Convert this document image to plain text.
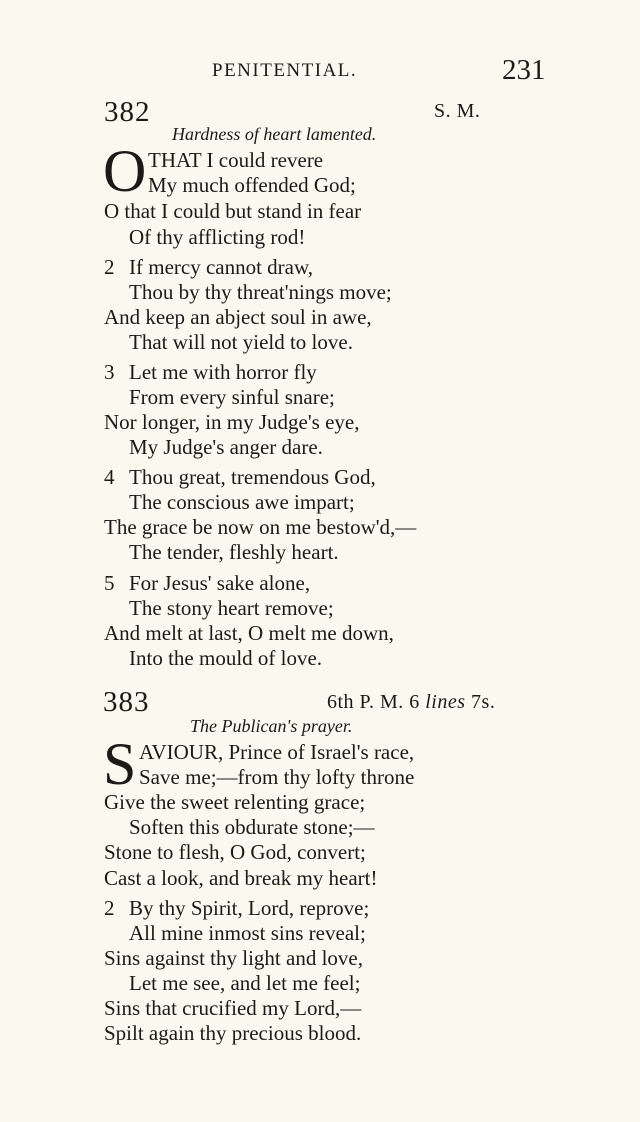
PENITENTIAL.	231
382	S. M.
Hardness of heart lamented.
O THAT I could revere
My much offended God;
O that I could but stand in fear
Of thy afflicting rod!
2 If mercy cannot draw,
Thou by thy threat'nings move;
And keep an abject soul in awe,
That will not yield to love.
3 Let me with horror fly
From every sinful snare;
Nor longer, in my Judge's eye,
My Judge's anger dare.
4 Thou great, tremendous God,
The conscious awe impart;
The grace be now on me bestow'd,—
The tender, fleshly heart.
5 For Jesus' sake alone,
The stony heart remove;
And melt at last, O melt me down,
Into the mould of love.
383	6th P. M. 6 lines 7s.
The Publican's prayer.
S AVIOUR, Prince of Israel's race,
Save me;—from thy lofty throne
Give the sweet relenting grace;
Soften this obdurate stone;—
Stone to flesh, O God, convert;
Cast a look, and break my heart!
2 By thy Spirit, Lord, reprove;
All mine inmost sins reveal;
Sins against thy light and love,
Let me see, and let me feel;
Sins that crucified my Lord,—
Spilt again thy precious blood.
